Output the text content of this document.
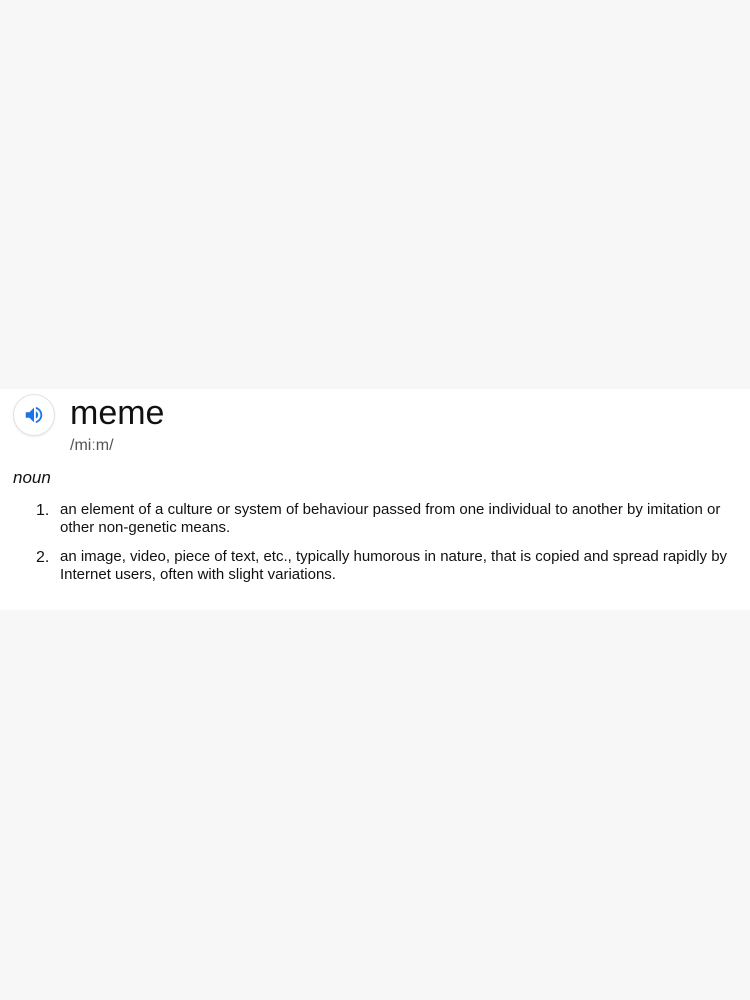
meme
/miːm/
noun
1. an element of a culture or system of behaviour passed from one individual to another by imitation or other non-genetic means.
2. an image, video, piece of text, etc., typically humorous in nature, that is copied and spread rapidly by Internet users, often with slight variations.
